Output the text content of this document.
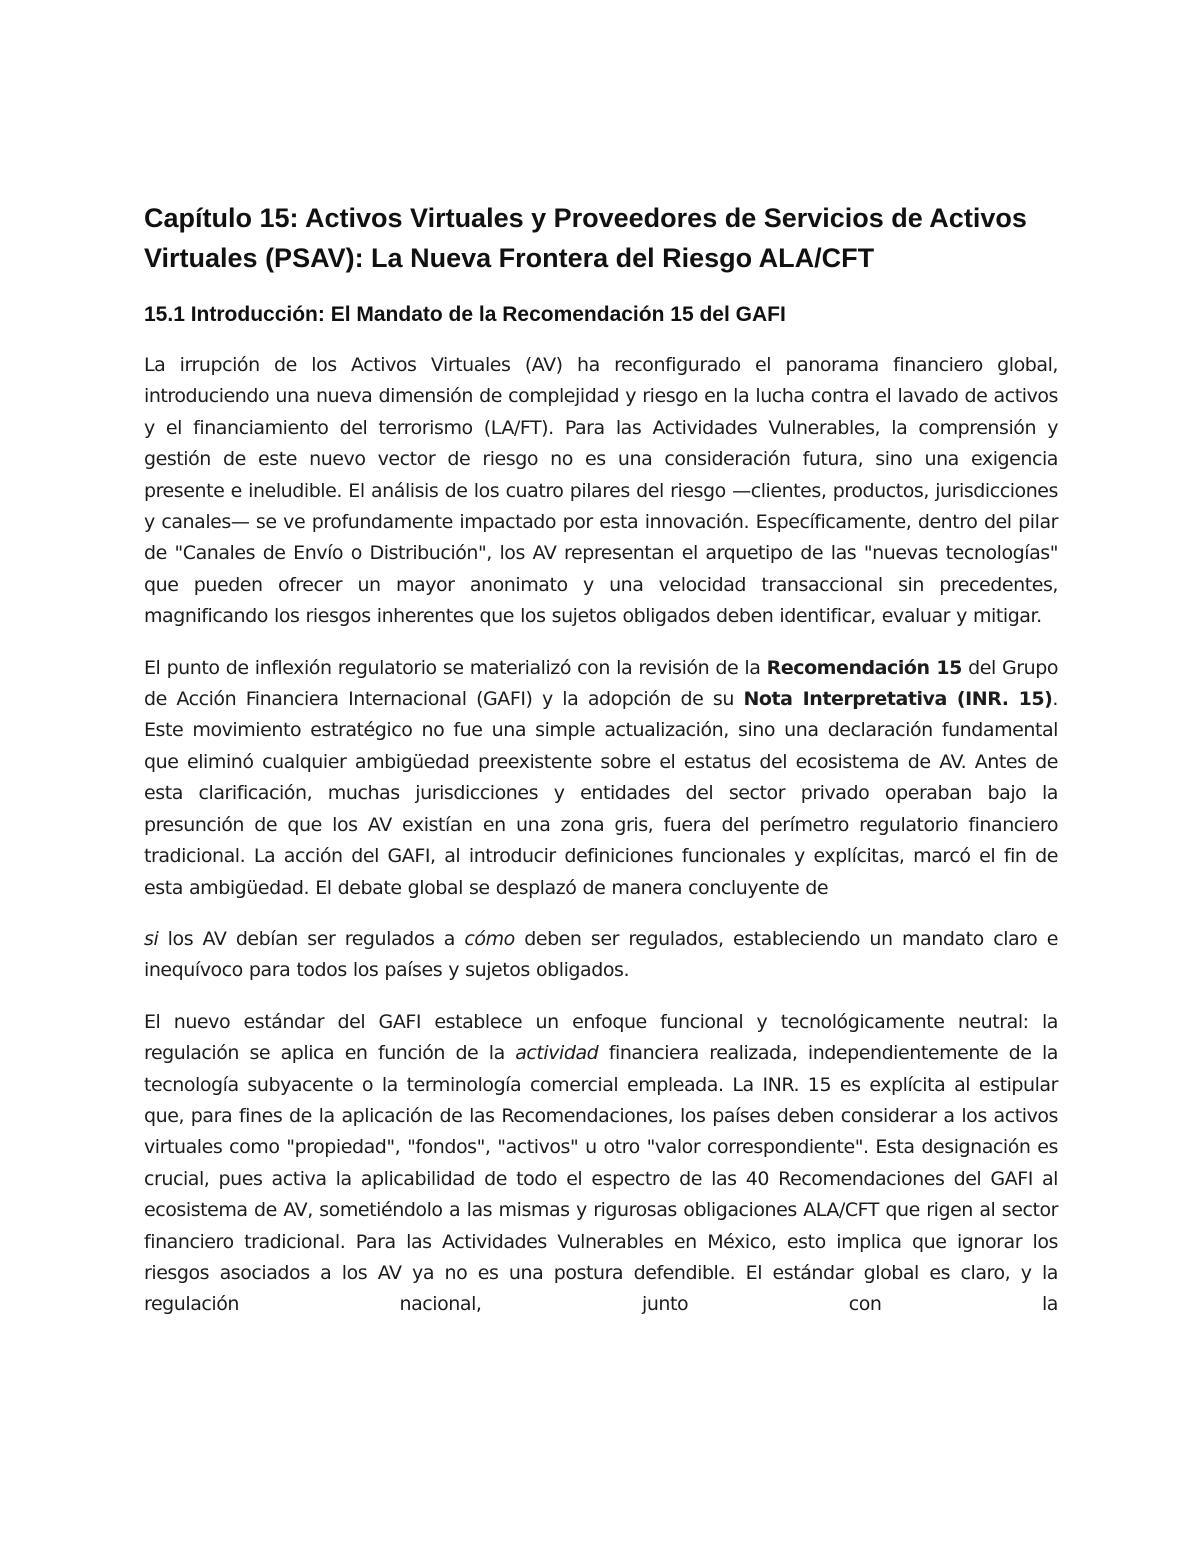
Capítulo 15: Activos Virtuales y Proveedores de Servicios de Activos Virtuales (PSAV): La Nueva Frontera del Riesgo ALA/CFT
15.1 Introducción: El Mandato de la Recomendación 15 del GAFI

La irrupción de los Activos Virtuales (AV) ha reconfigurado el panorama financiero global, introduciendo una nueva dimensión de complejidad y riesgo en la lucha contra el lavado de activos y el financiamiento del terrorismo (LA/FT). Para las Actividades Vulnerables, la comprensión y gestión de este nuevo vector de riesgo no es una consideración futura, sino una exigencia presente e ineludible. El análisis de los cuatro pilares del riesgo —clientes, productos, jurisdicciones y canales— se ve profundamente impactado por esta innovación. Específicamente, dentro del pilar de "Canales de Envío o Distribución", los AV representan el arquetipo de las "nuevas tecnologías" que pueden ofrecer un mayor anonimato y una velocidad transaccional sin precedentes, magnificando los riesgos inherentes que los sujetos obligados deben identificar, evaluar y mitigar.

El punto de inflexión regulatorio se materializó con la revisión de la Recomendación 15 del Grupo de Acción Financiera Internacional (GAFI) y la adopción de su Nota Interpretativa (INR. 15). Este movimiento estratégico no fue una simple actualización, sino una declaración fundamental que eliminó cualquier ambigüedad preexistente sobre el estatus del ecosistema de AV. Antes de esta clarificación, muchas jurisdicciones y entidades del sector privado operaban bajo la presunción de que los AV existían en una zona gris, fuera del perímetro regulatorio financiero tradicional. La acción del GAFI, al introducir definiciones funcionales y explícitas, marcó el fin de esta ambigüedad. El debate global se desplazó de manera concluyente de

si los AV debían ser regulados a cómo deben ser regulados, estableciendo un mandato claro e inequívoco para todos los países y sujetos obligados.

El nuevo estándar del GAFI establece un enfoque funcional y tecnológicamente neutral: la regulación se aplica en función de la actividad financiera realizada, independientemente de la tecnología subyacente o la terminología comercial empleada. La INR. 15 es explícita al estipular que, para fines de la aplicación de las Recomendaciones, los países deben considerar a los activos virtuales como "propiedad", "fondos", "activos" u otro "valor correspondiente". Esta designación es crucial, pues activa la aplicabilidad de todo el espectro de las 40 Recomendaciones del GAFI al ecosistema de AV, sometiéndolo a las mismas y rigurosas obligaciones ALA/CFT que rigen al sector financiero tradicional. Para las Actividades Vulnerables en México, esto implica que ignorar los riesgos asociados a los AV ya no es una postura defendible. El estándar global es claro, y la regulación nacional, junto con la
